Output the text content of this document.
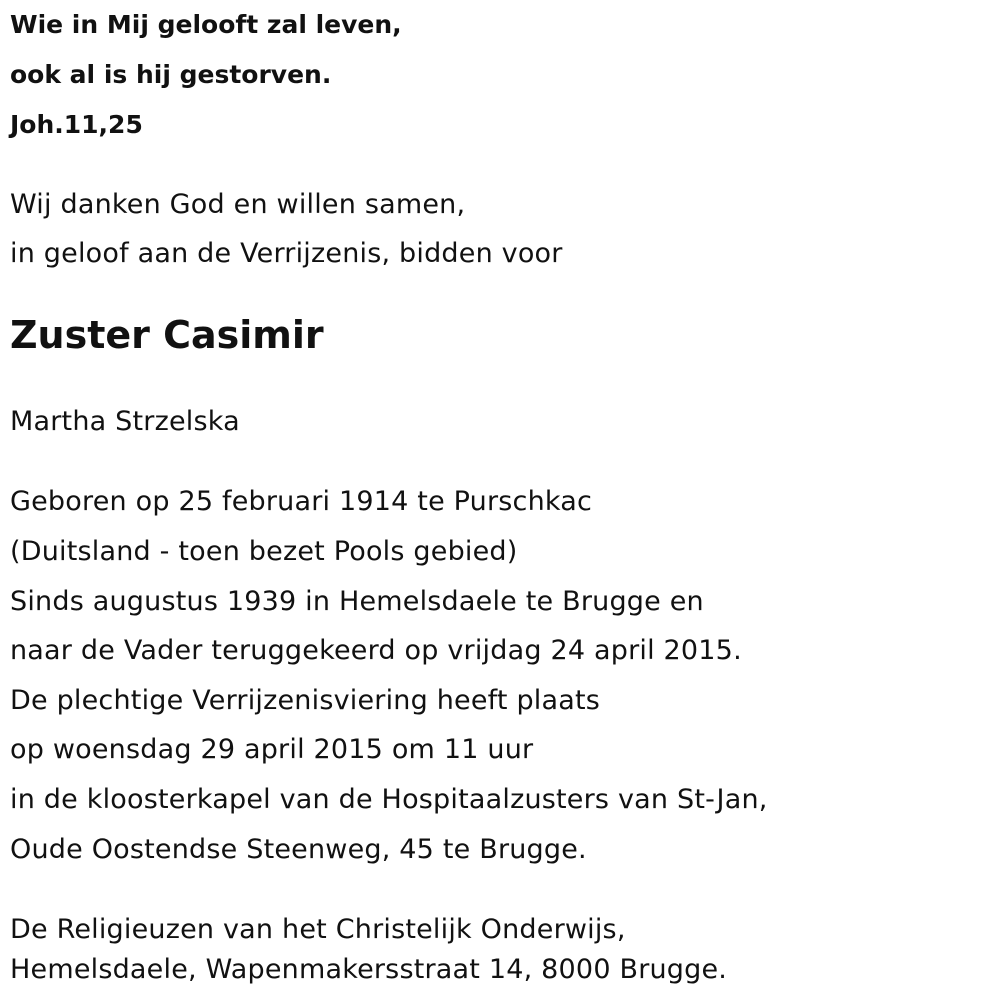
Wie in Mij gelooft zal leven,
ook al is hij gestorven.
Joh.11,25
Wij danken God en willen samen,
in geloof aan de Verrijzenis, bidden voor
Zuster Casimir
Martha Strzelska
Geboren op 25 februari 1914 te Purschkac
(Duitsland - toen bezet Pools gebied)
Sinds augustus 1939 in Hemelsdaele te Brugge en
naar de Vader teruggekeerd op vrijdag 24 april 2015.
De plechtige Verrijzenisviering heeft plaats
op woensdag 29 april 2015 om 11 uur
in de kloosterkapel van de Hospitaalzusters van St-Jan,
Oude Oostendse Steenweg, 45 te Brugge.
De Religieuzen van het Christelijk Onderwijs,
Hemelsdaele, Wapenmakersstraat 14, 8000 Brugge.
